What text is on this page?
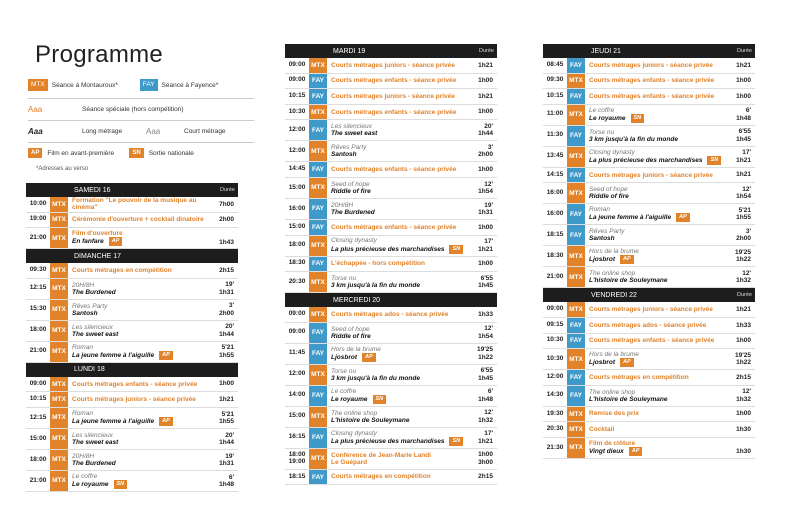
Programme
MTX	Séance à Montauroux*	FAY	Séance à Fayence*
Aaa	Séance spéciale (hors compétition)
Aaa	Long métrage	Aaa	Court métrage
AP	Film en avant-première	SN	Sortie nationale
*Adresses au verso
SAMEDI 16	Durée
10:00 MTX
Formation "Le pouvoir de la musique au cinéma"
7h00
19:00 MTX Cérémonie d'ouverture + cocktail dinatoire	2h00
21:00 MTX
Film d'ouverture
En fanfare	AP	1h43
DIMANCHE 17
09:30 MTX Courts métrages en compétition	2h15
12:15 MTX
20H/8H
The Burdened
19'
1h31
15:30 MTX
Rêves Party
Santosh
3'
2h00
18:00 MTX
Les silencieux
The sweet east
20'
1h44
21:00 MTX
Roman
La jeune femme à l'aiguille	AP
5'21
1h55
LUNDI 18
09:00 MTX Courts métrages enfants - séance privée	1h00
10:15 MTX Courts métrages juniors - séance privée	1h21
12:15 MTX
Roman
La jeune femme à l'aiguille	AP
5'21
1h55
15:00 MTX
Les silencieux
The sweet east
20'
1h44
18:00 MTX
20H/8H
The Burdened
19'
1h31
21:00 MTX
Le coffre
Le royaume	SN
6'
1h48
MARDI 19	Durée
09:00 MTX Courts métrages juniors - séance privée	1h21
09:00	FAY	Courts métrages enfants - séance privée	1h00
10:15	FAY	Courts métrages juniors - séance privée	1h21
10:30 MTX Courts métrages enfants - séance privée	1h00
12:00	FAY
Les silencieux
The sweet east
20'
1h44
12:00 MTX
Rêves Party
Santosh
3'
2h00
14:45	FAY	Courts métrages enfants - séance privée	1h00
15:00 MTX
Seed of hope
Riddle of fire
12'
1h54
16:00	FAY
20H/8H
The Burdened
19'
1h31
15:00	FAY	Courts métrages enfants - séance privée	1h00
18:00 MTX
Closing dynasty
La plus précieuse des marchandises	SN
17'
1h21
18:30	FAY	L'échappée - hors compétition	1h00
20:30 MTX
Torse nu
3 km jusqu'à la fin du monde
6'55
1h45
MERCREDI 20
09:00 MTX Courts métrages ados - séance privée	1h33
09:00	FAY
Seed of hope
Riddle of fire
12'
1h54
11:45	FAY
Hors de la brume
Ljosbrot	AP
19'25
1h22
12:00 MTX
Torse nu
3 km jusqu'à la fin du monde
6'55
1h45
14:00	FAY
Le coffre
Le royaume	SN
6'
1h48
15:00 MTX
The online shop
L'histoire de Souleymane
12'
1h32
16:15	FAY
Closing dynasty
La plus précieuse des marchandises	SN
17'
1h21
18:00
19:00 MTX
Conférence de Jean-Marie Landi
Le Guépard
1h00
3h00
18:15	FAY	Courts métrages en compétition	2h15
JEUDI 21	Durée
08:45	FAY	Courts métrages juniors - séance privée	1h21
09:30 MTX Courts métrages enfants - séance privée	1h00
10:15	FAY	Courts métrages enfants - séance privée	1h00
11:00 MTX
Le coffre
Le royaume	SN
6'
1h48
11:30	FAY
Torse nu
3 km jusqu'à la fin du monde
6'55
1h45
13:45 MTX
Closing dynasty
La plus précieuse des marchandises	SN
17'
1h21
14:15	FAY	Courts métrages juniors - séance privée	1h21
16:00 MTX
Seed of hope
Riddle of fire
12'
1h54
16:00	FAY
Roman
La jeune femme à l'aiguille	AP
5'21
1h55
18:15	FAY
Rêves Party
Santosh
3'
2h00
18:30 MTX
Hors de la brume
Ljosbrot	AP
19'25
1h22
21:00 MTX
The online shop
L'histoire de Souleymane
12'
1h32
VENDREDI 22	Durée
09:00 MTX Courts métrages juniors - séance privée	1h21
09:15	FAY	Courts métrages ados - séance privée	1h33
10:30	FAY	Courts métrages enfants - séance privée	1h00
10:30 MTX
Hors de la brume
Ljosbrot	AP
19'25
1h22
12:00	FAY	Courts métrages en compétition	2h15
14:30	FAY
The online shop
L'histoire de Souleymane
12'
1h32
19:30 MTX Remise des prix	1h00
20:30 MTX Cocktail	1h30
21:30 MTX
Film de clôture
Vingt dieux	AP	1h30
